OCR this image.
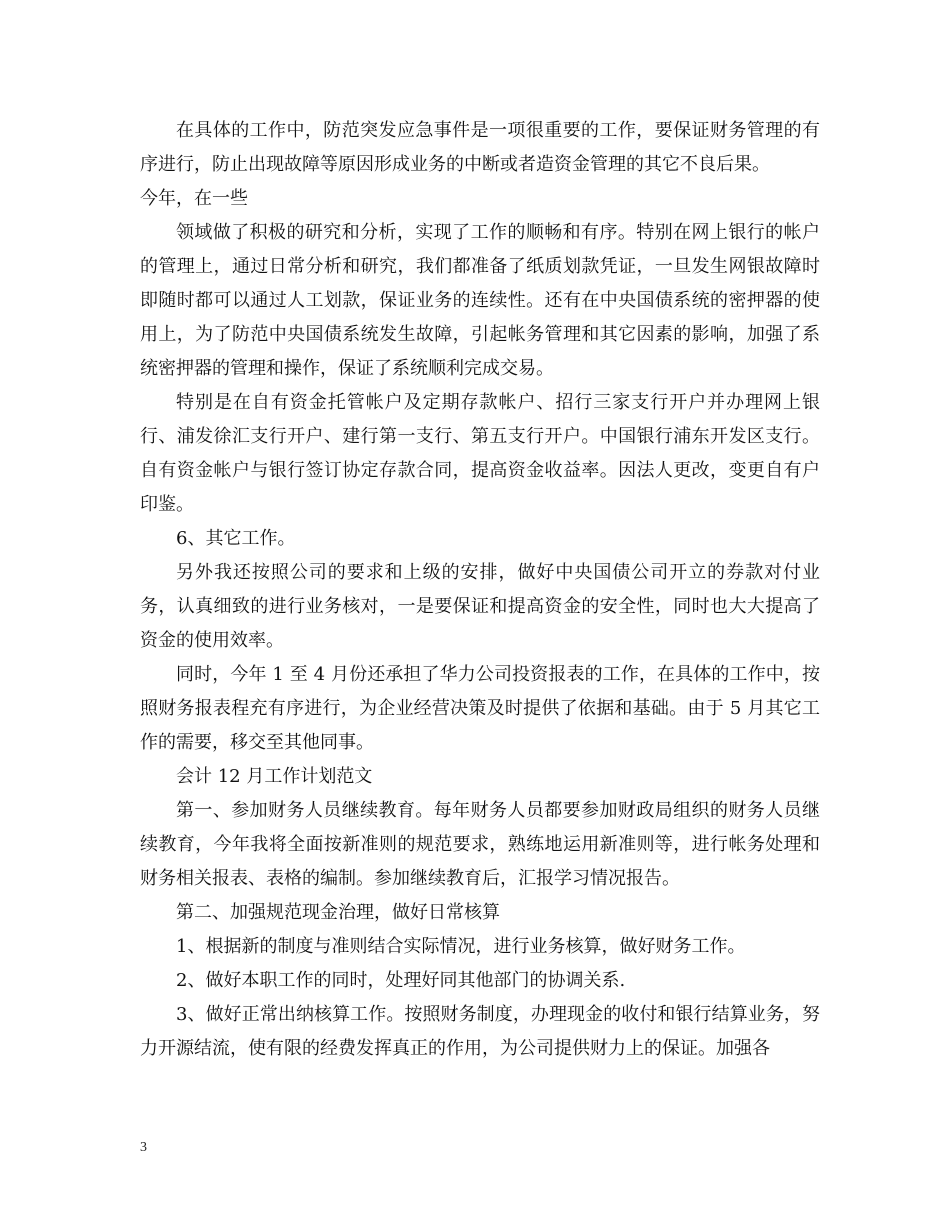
在具体的工作中，防范突发应急事件是一项很重要的工作，要保证财务管理的有序进行，防止出现故障等原因形成业务的中断或者造资金管理的其它不良后果。

今年，在一些

领域做了积极的研究和分析，实现了工作的顺畅和有序。特别在网上银行的帐户的管理上，通过日常分析和研究，我们都准备了纸质划款凭证，一旦发生网银故障时即随时都可以通过人工划款，保证业务的连续性。还有在中央国债系统的密押器的使用上，为了防范中央国债系统发生故障，引起帐务管理和其它因素的影响，加强了系统密押器的管理和操作，保证了系统顺利完成交易。

特别是在自有资金托管帐户及定期存款帐户、招行三家支行开户并办理网上银行、浦发徐汇支行开户、建行第一支行、第五支行开户。中国银行浦东开发区支行。自有资金帐户与银行签订协定存款合同，提高资金收益率。因法人更改，变更自有户印鉴。

6、其它工作。

另外我还按照公司的要求和上级的安排，做好中央国债公司开立的券款对付业务，认真细致的进行业务核对，一是要保证和提高资金的安全性，同时也大大提高了资金的使用效率。

同时，今年 1 至 4 月份还承担了华力公司投资报表的工作，在具体的工作中，按照财务报表程充有序进行，为企业经营决策及时提供了依据和基础。由于 5 月其它工作的需要，移交至其他同事。

会计 12 月工作计划范文

第一、参加财务人员继续教育。每年财务人员都要参加财政局组织的财务人员继续教育，今年我将全面按新准则的规范要求，熟练地运用新准则等，进行帐务处理和财务相关报表、表格的编制。参加继续教育后，汇报学习情况报告。

第二、加强规范现金治理，做好日常核算

1、根据新的制度与准则结合实际情况，进行业务核算，做好财务工作。

2、做好本职工作的同时，处理好同其他部门的协调关系.

3、做好正常出纳核算工作。按照财务制度，办理现金的收付和银行结算业务，努力开源结流，使有限的经费发挥真正的作用，为公司提供财力上的保证。加强各

3
